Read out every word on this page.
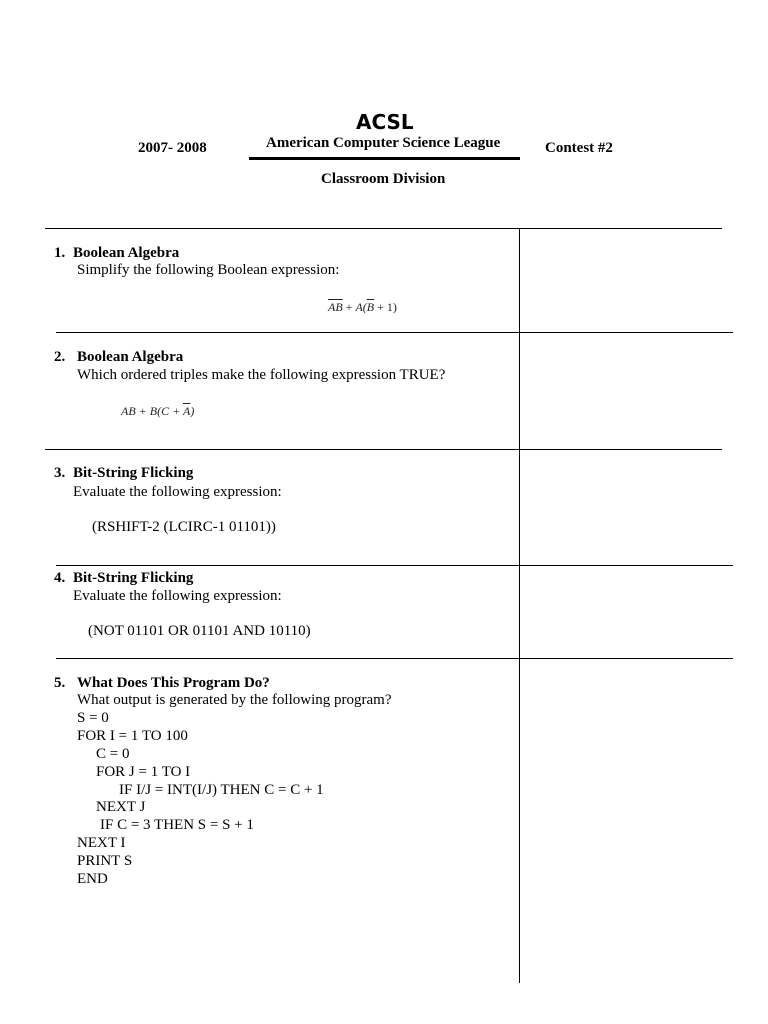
ACSL
2007- 2008	American Computer Science League	Contest #2
Classroom Division
1. Boolean Algebra
Simplify the following Boolean expression:
$\overline{AB} + A(\overline{B} + 1)$
2. Boolean Algebra
Which ordered triples make the following expression TRUE?
AB + $B(C + \overline{A})$
3. Bit-String Flicking
Evaluate the following expression:
(RSHIFT-2 (LCIRC-1 01101))
4. Bit-String Flicking
Evaluate the following expression:
(NOT 01101 OR 01101 AND 10110)
5. What Does This Program Do?
What output is generated by the following program?
S = 0
FOR I = 1 TO 100
C = 0
FOR J = 1 TO I
IF I/J = INT(I/J) THEN C = C + 1
NEXT J
IF C = 3 THEN S = S + 1
NEXT I
PRINT S
END
